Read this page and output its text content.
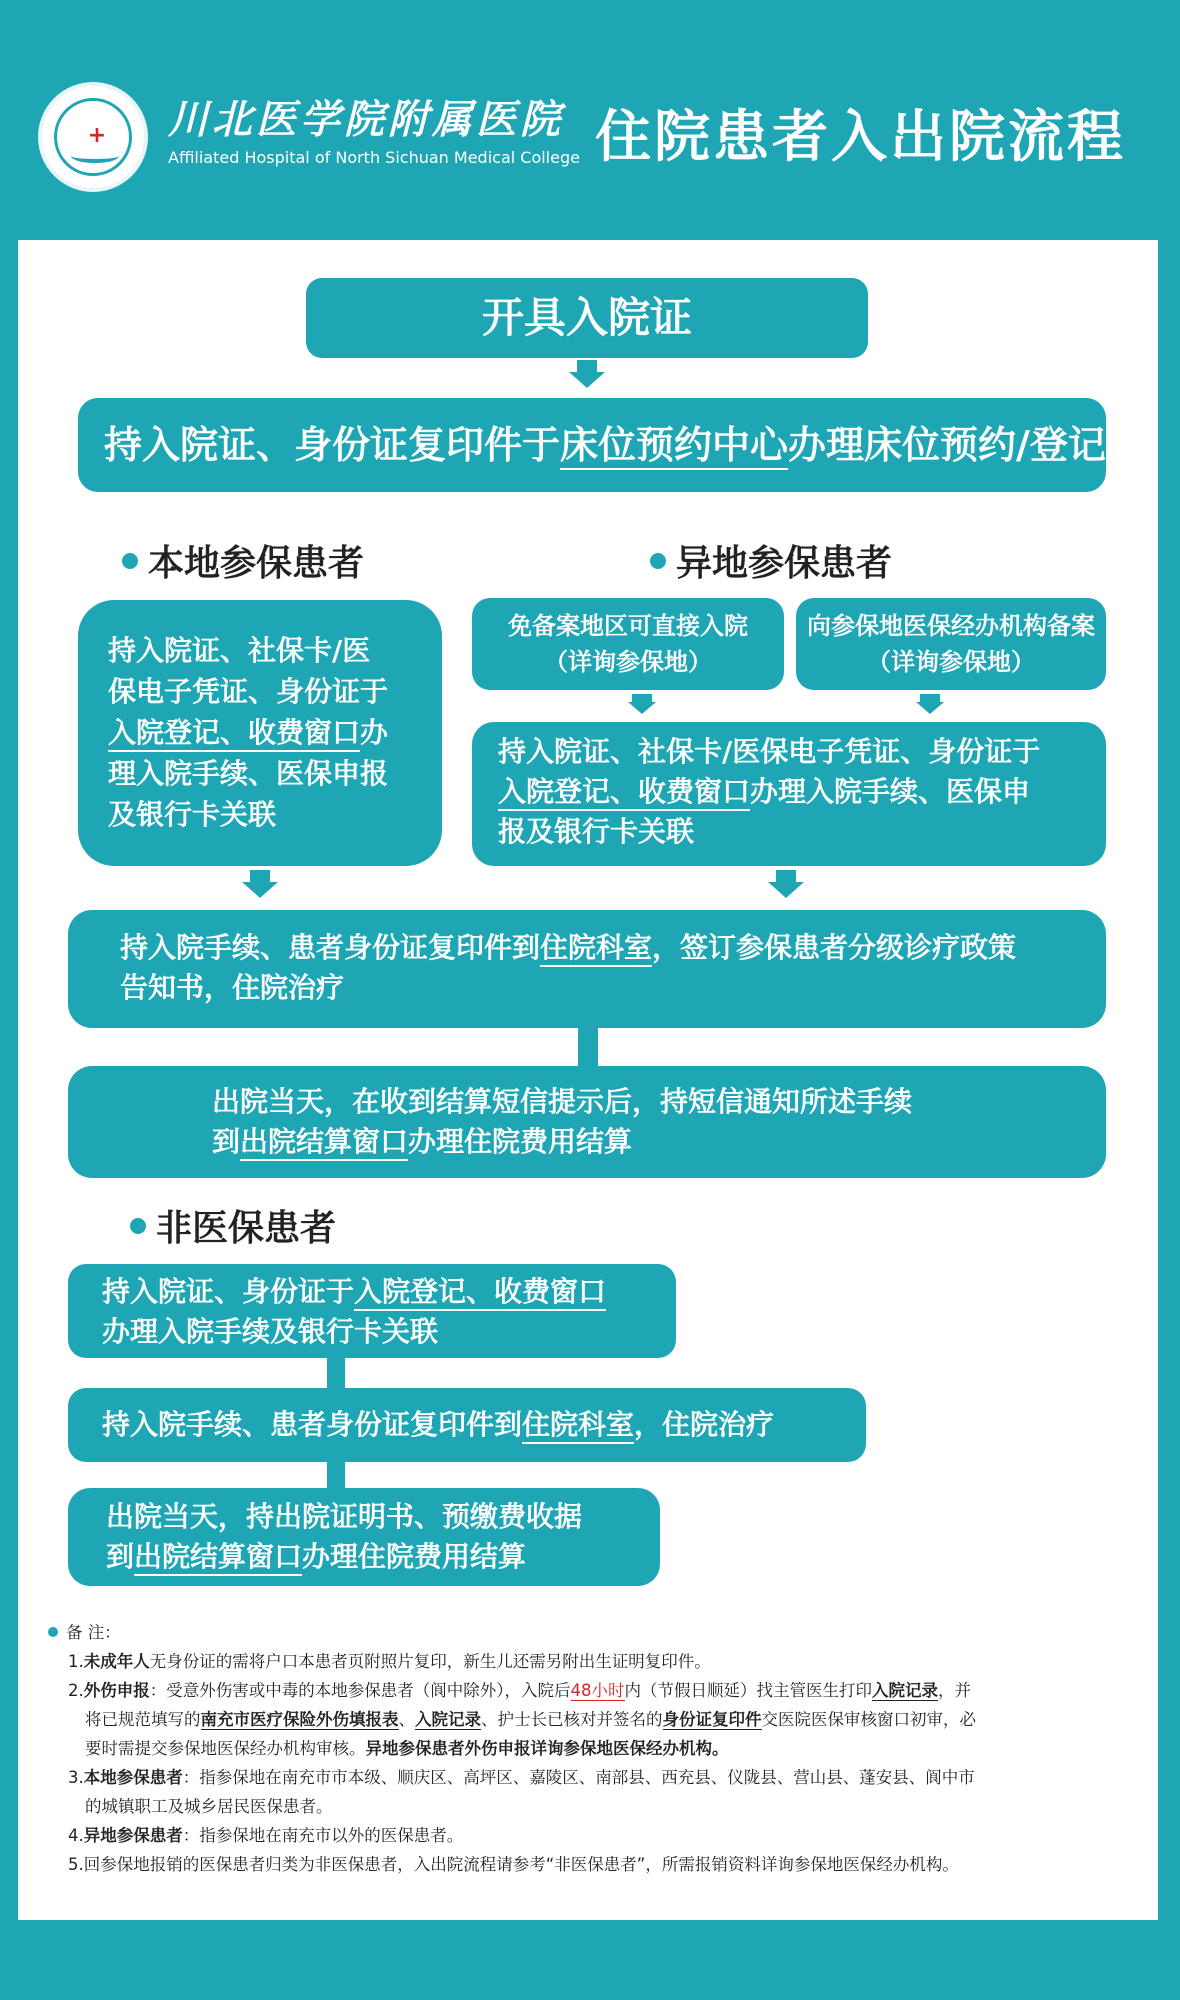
+ 川北医学院附属医院
Affiliated Hospital of North Sichuan Medical College 住院患者入出院流程
开具入院证
持入院证、身份证复印件于床位预约中心办理床位预约/登记
本地参保患者	异地参保患者
持入院证、社保卡/医
保电子凭证、身份证于
入院登记、收费窗口办
理入院手续、医保申报
及银行卡关联
免备案地区可直接入院
（详询参保地）
向参保地医保经办机构备案
（详询参保地）
持入院证、社保卡/医保电子凭证、身份证于
入院登记、收费窗口办理入院手续、医保申
报及银行卡关联
持入院手续、患者身份证复印件到住院科室，签订参保患者分级诊疗政策
告知书，住院治疗
出院当天，在收到结算短信提示后，持短信通知所述手续
到出院结算窗口办理住院费用结算
非医保患者
持入院证、身份证于入院登记、收费窗口
办理入院手续及银行卡关联
持入院手续、患者身份证复印件到住院科室，住院治疗
出院当天，持出院证明书、预缴费收据
到出院结算窗口办理住院费用结算
备 注：
1.未成年人无身份证的需将户口本患者页附照片复印，新生儿还需另附出生证明复印件。
2.外伤申报：受意外伤害或中毒的本地参保患者（阆中除外），入院后48小时内（节假日顺延）找主管医生打印入院记录，并
将已规范填写的南充市医疗保险外伤填报表、入院记录、护士长已核对并签名的身份证复印件交医院医保审核窗口初审，必
要时需提交参保地医保经办机构审核。异地参保患者外伤申报详询参保地医保经办机构。
3.本地参保患者：指参保地在南充市市本级、顺庆区、高坪区、嘉陵区、南部县、西充县、仪陇县、营山县、蓬安县、阆中市
的城镇职工及城乡居民医保患者。
4.异地参保患者：指参保地在南充市以外的医保患者。
5.回参保地报销的医保患者归类为非医保患者，入出院流程请参考“非医保患者”，所需报销资料详询参保地医保经办机构。
